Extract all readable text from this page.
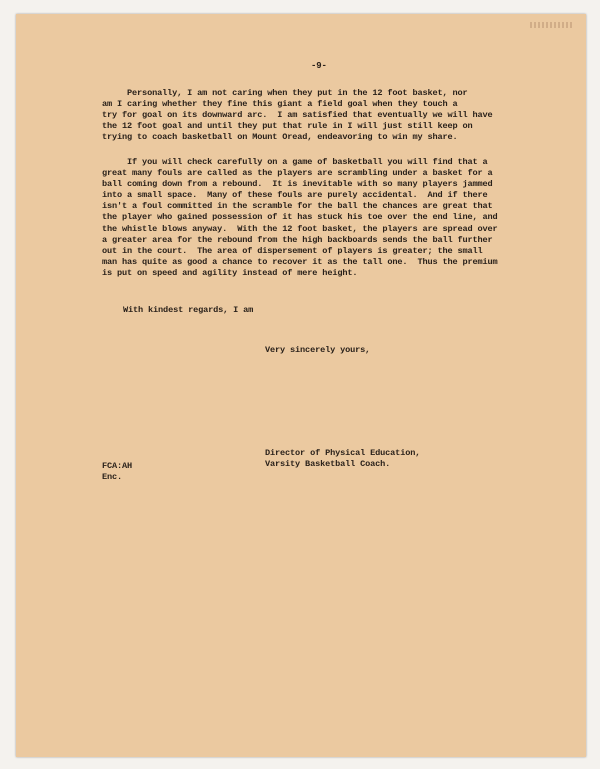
-9-
Personally, I am not caring when they put in the 12 foot basket, nor
am I caring whether they fine this giant a field goal when they touch a
try for goal on its downward arc.  I am satisfied that eventually we will have
the 12 foot goal and until they put that rule in I will just still keep on
trying to coach basketball on Mount Oread, endeavoring to win my share.
If you will check carefully on a game of basketball you will find that a
great many fouls are called as the players are scrambling under a basket for a
ball coming down from a rebound.  It is inevitable with so many players jammed
into a small space.  Many of these fouls are purely accidental.  And if there
isn't a foul committed in the scramble for the ball the chances are great that
the player who gained possession of it has stuck his toe over the end line, and
the whistle blows anyway.  With the 12 foot basket, the players are spread over
a greater area for the rebound from the high backboards sends the ball further
out in the court.  The area of dispersement of players is greater; the small
man has quite as good a chance to recover it as the tall one.  Thus the premium
is put on speed and agility instead of mere height.
With kindest regards, I am
Very sincerely yours,
Director of Physical Education,
Varsity Basketball Coach.
FCA:AH
Enc.
